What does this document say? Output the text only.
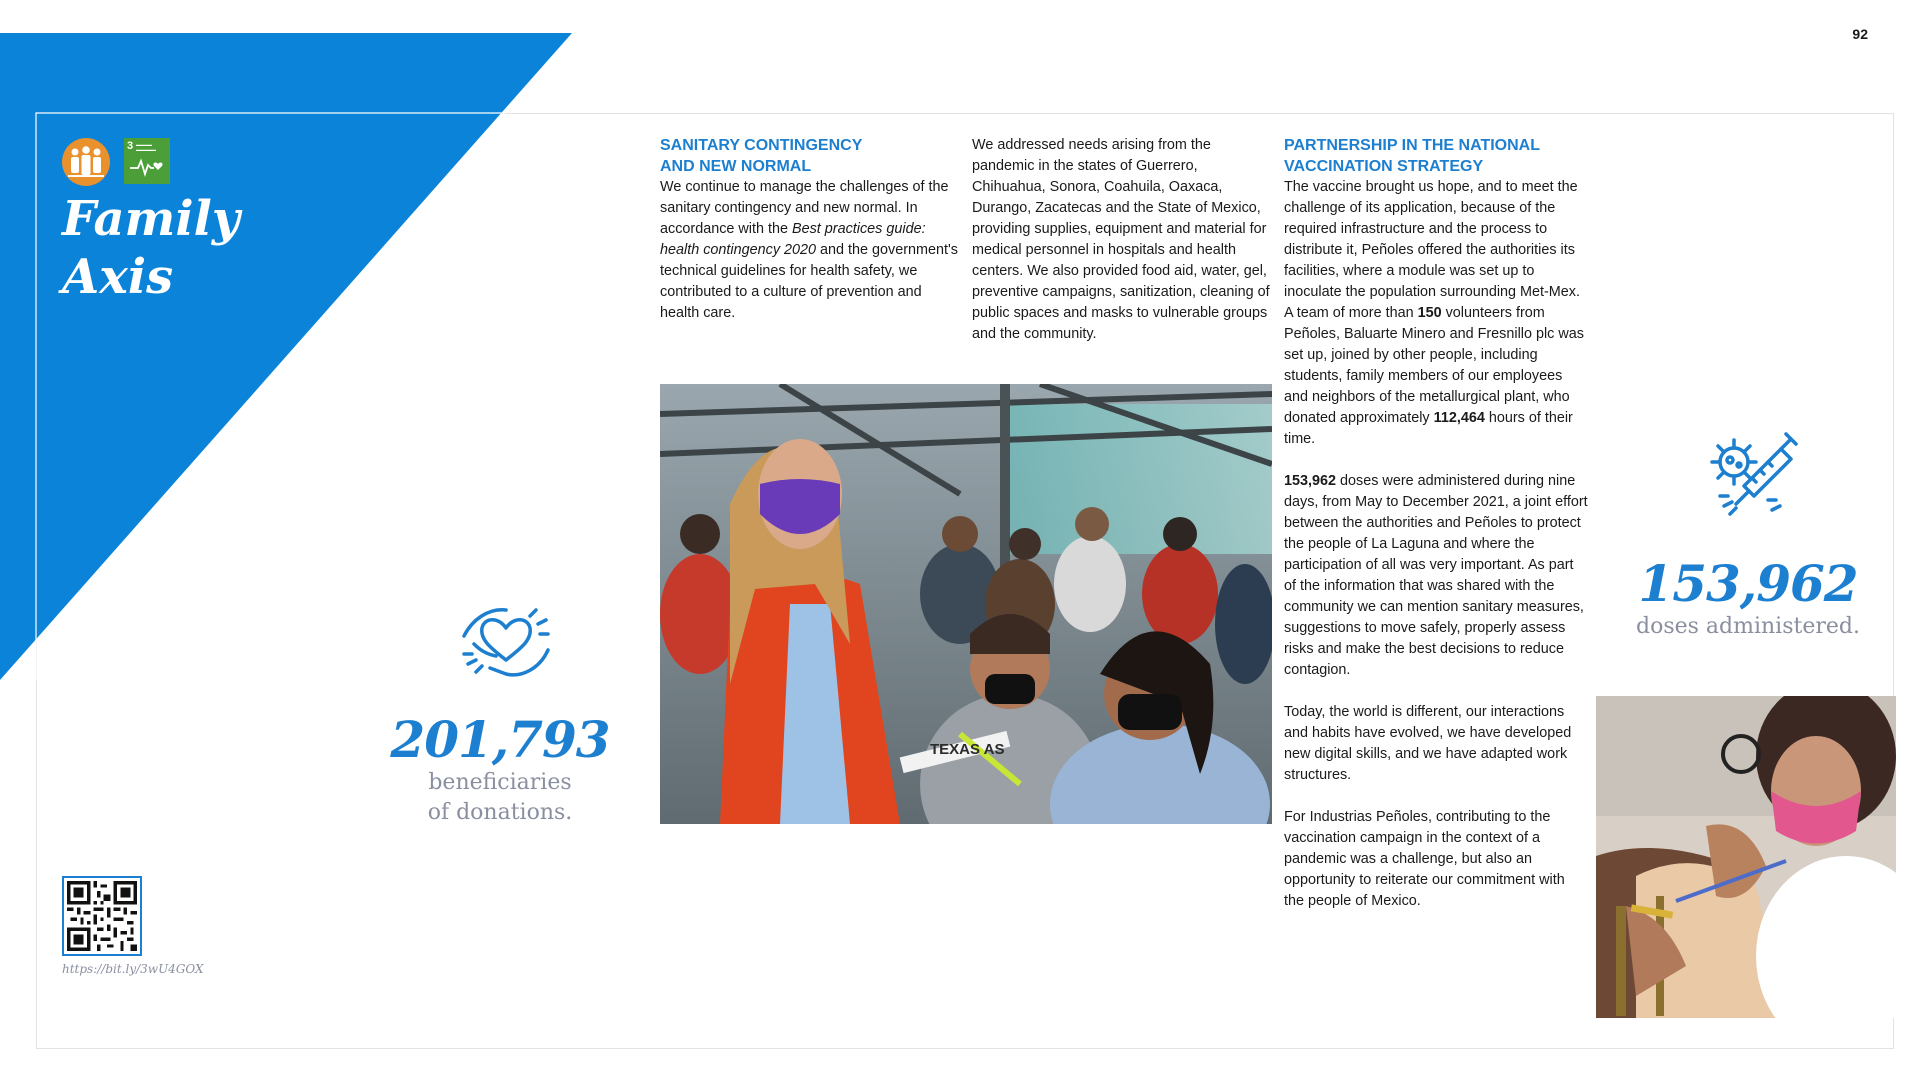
92
3 ▬▬▬▬
▬▬▬▬▬
Family
Axis
201,793
beneficiaries
of donations.
https://bit.ly/3wU4GOX
SANITARY CONTINGENCY
AND NEW NORMAL

We continue to manage the challenges of the sanitary contingency and new normal. In accordance with the Best practices guide: health contingency 2020 and the government's technical guidelines for health safety, we contributed to a culture of prevention and health care.

We addressed needs arising from the pandemic in the states of Guerrero, Chihuahua, Sonora, Coahuila, Oaxaca, Durango, Zacatecas and the State of Mexico, providing supplies, equipment and material for medical personnel in hospitals and health centers. We also provided food aid, water, gel, preventive campaigns, sanitization, cleaning of public spaces and masks to vulnerable groups and the community.

PARTNERSHIP IN THE NATIONAL
VACCINATION STRATEGY

The vaccine brought us hope, and to meet the challenge of its application, because of the required infrastructure and the process to distribute it, Peñoles offered the authorities its facilities, where a module was set up to inoculate the population surrounding Met-Mex. A team of more than 150 volunteers from Peñoles, Baluarte Minero and Fresnillo plc was set up, joined by other people, including students, family members of our employees and neighbors of the metallurgical plant, who donated approximately 112,464 hours of their time.

153,962 doses were administered during nine days, from May to December 2021, a joint effort between the authorities and Peñoles to protect the people of La Laguna and where the participation of all was very important. As part of the information that was shared with the community we can mention sanitary measures, suggestions to move safely, properly assess risks and make the best decisions to reduce contagion.

Today, the world is different, our interactions and habits have evolved, we have developed new digital skills, and we have adapted work structures.

For Industrias Peñoles, contributing to the vaccination campaign in the context of a pandemic was a challenge, but also an opportunity to reiterate our commitment with the people of Mexico.

TEXAS AS
153,962
doses administered.
